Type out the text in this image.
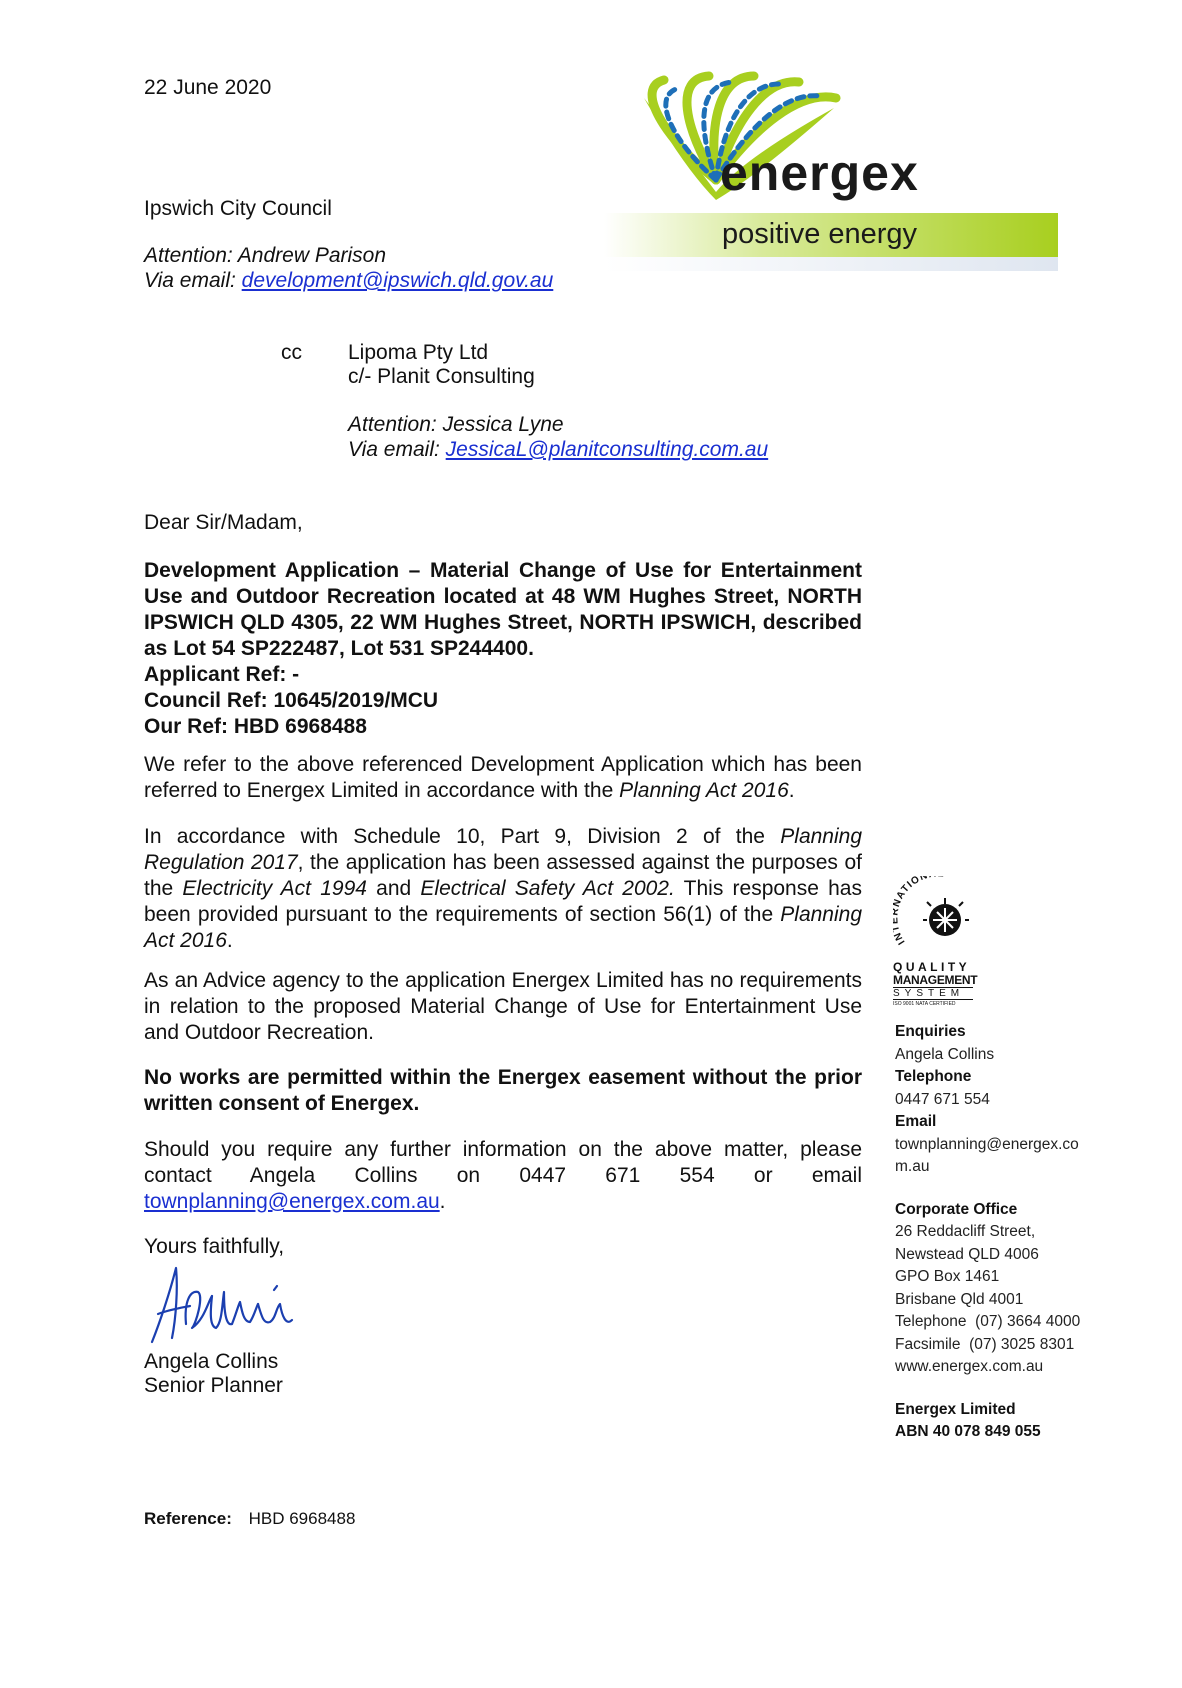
energex
positive energy
22 June 2020
Ipswich City Council
Attention: Andrew Parison
Via email: development@ipswich.qld.gov.au
cc Lipoma Pty Ltd
c/- Planit Consulting
Attention: Jessica Lyne
Via email: JessicaL@planitconsulting.com.au
Dear Sir/Madam,

Development Application – Material Change of Use for Entertainment Use and Outdoor Recreation located at 48 WM Hughes Street, NORTH IPSWICH QLD 4305, 22 WM Hughes Street, NORTH IPSWICH, described as Lot 54 SP222487, Lot 531 SP244400.

Applicant Ref: -

Council Ref: 10645/2019/MCU

Our Ref: HBD 6968488

We refer to the above referenced Development Application which has been referred to Energex Limited in accordance with the Planning Act 2016.
In accordance with Schedule 10, Part 9, Division 2 of the Planning Regulation 2017, the application has been assessed against the purposes of the Electricity Act 1994 and Electrical Safety Act 2002. This response has been provided pursuant to the requirements of section 56(1) of the Planning Act 2016.
As an Advice agency to the application Energex Limited has no requirements in relation to the proposed Material Change of Use for Entertainment Use and Outdoor Recreation.
No works are permitted within the Energex easement without the prior written consent of Energex.

Should you require any further information on the above matter, please contact Angela Collins on 0447 671 554 or email

townplanning@energex.com.au.

Yours faithfully,
Angela Collins
Senior Planner
Reference: HBD 6968488
IN ATION
QUALITY
MANAGEMENT
SYSTEM
ISO 9001 NATA CERTIFIED
Enquiries
Angela Collins
Telephone
0447 671 554
Email
townplanning@energex.co
m.au
Corporate Office
26 Reddacliff Street,
Newstead QLD 4006
GPO Box 1461
Brisbane Qld 4001
Telephone  (07) 3664 4000
Facsimile  (07) 3025 8301
www.energex.com.au
Energex Limited
ABN 40 078 849 055
